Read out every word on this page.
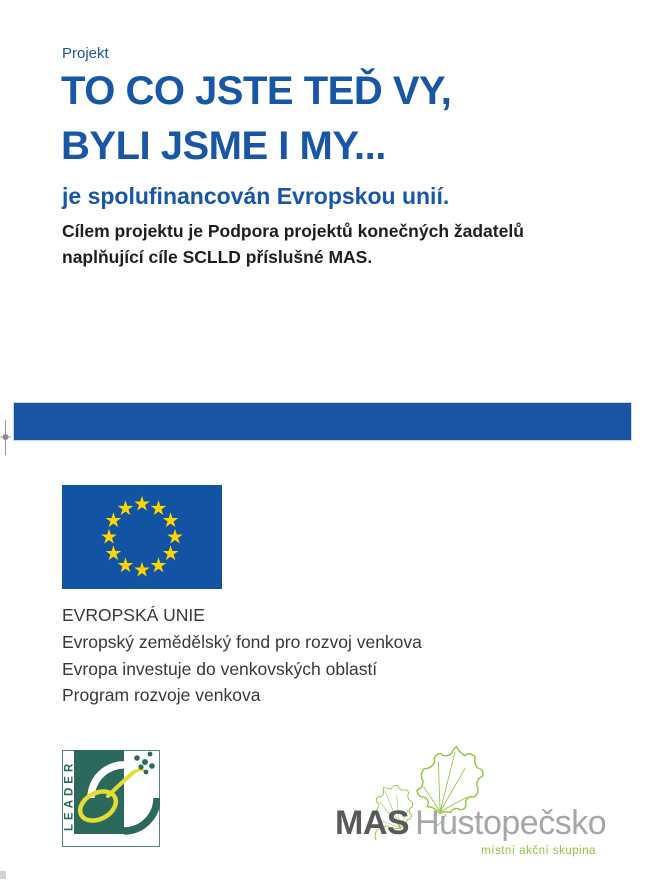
Projekt
TO CO JSTE TEĎ VY,
BYLI JSME I MY...
je spolufinancován Evropskou unií.

Cílem projektu je Podpora projektů konečných žadatelů naplňující cíle SCLLD příslušné MAS.

EVROPSKÁ UNIE
Evropský zemědělský fond pro rozvoj venkova
Evropa investuje do venkovských oblastí
Program rozvoje venkova
LEADER	MAS Hustopečsko
místní akční skupina
